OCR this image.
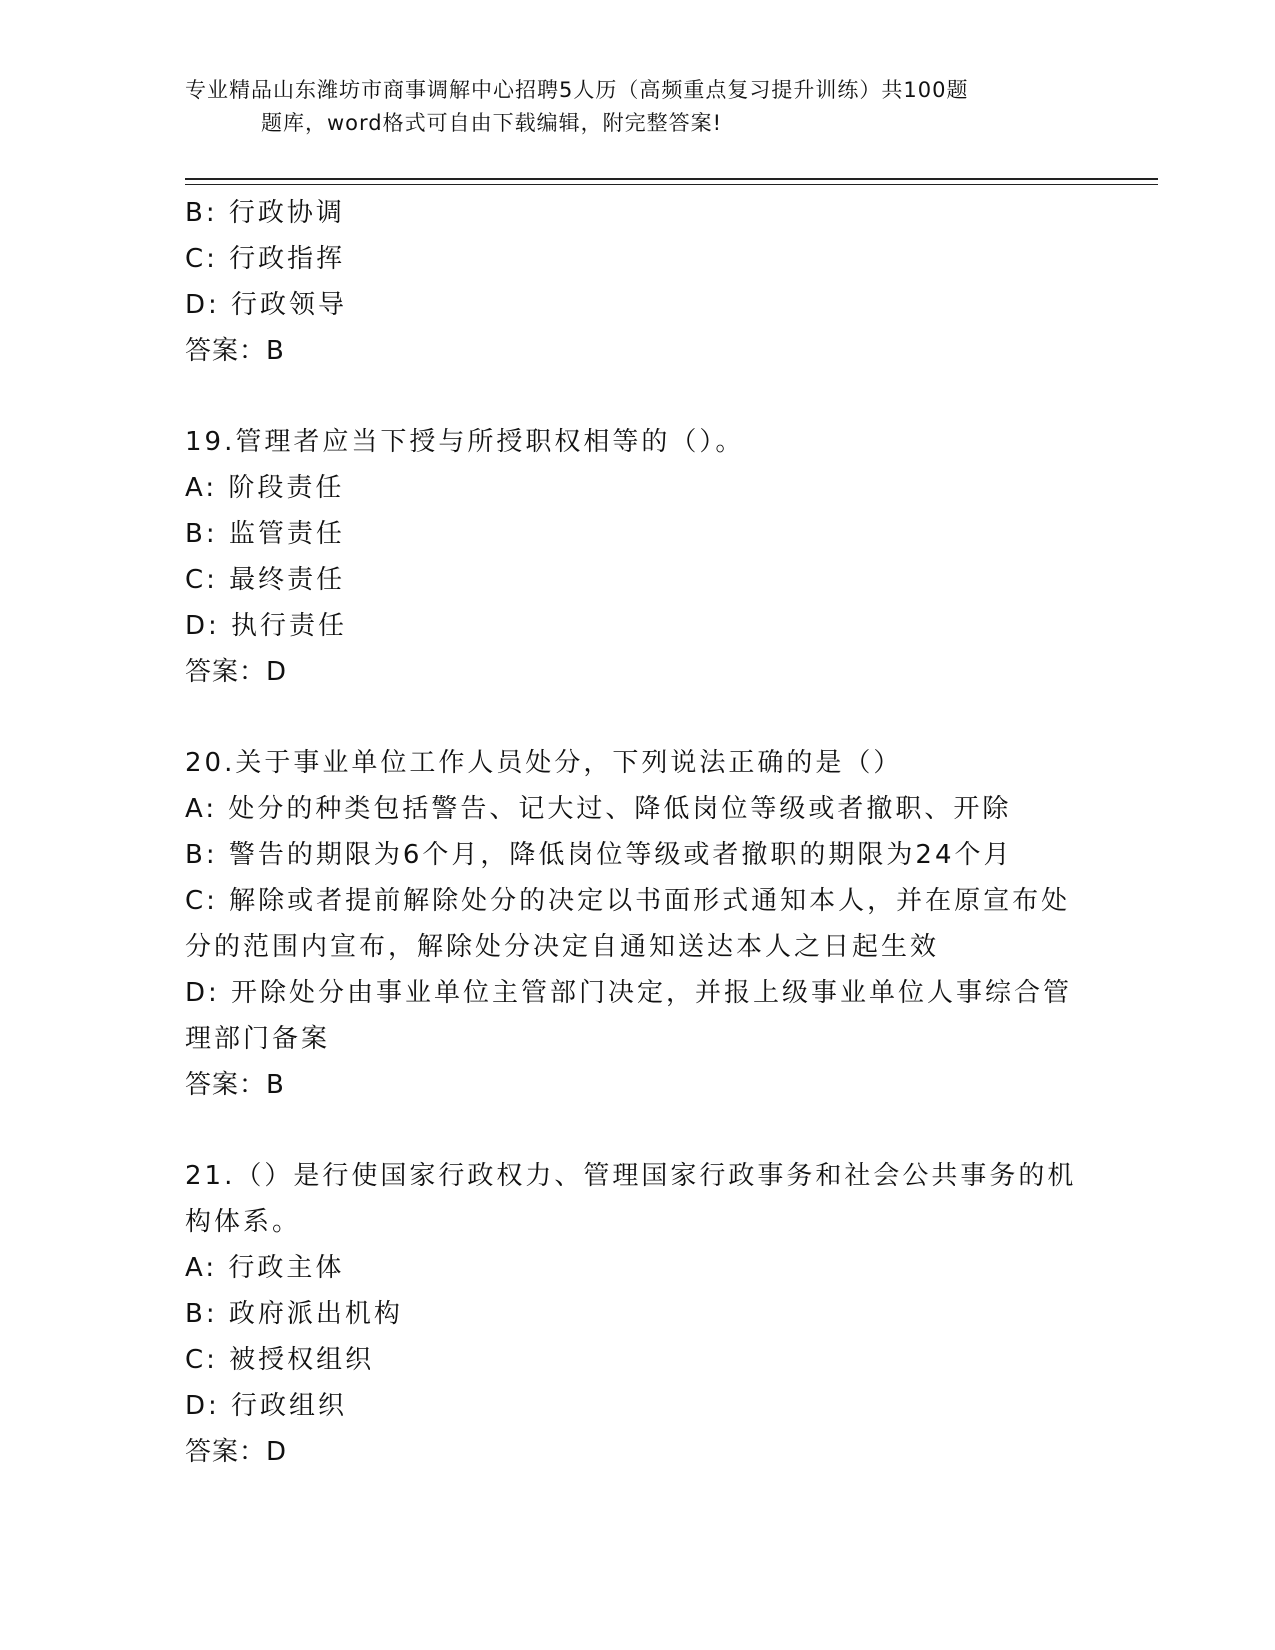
专业精品山东潍坊市商事调解中心招聘5人历（高频重点复习提升训练）共100题
题库，word格式可自由下载编辑，附完整答案!
B: 行政协调
C: 行政指挥
D: 行政领导
答案：B
19.管理者应当下授与所授职权相等的（）。
A: 阶段责任
B: 监管责任
C: 最终责任
D: 执行责任
答案：D
20.关于事业单位工作人员处分，下列说法正确的是（）
A: 处分的种类包括警告、记大过、降低岗位等级或者撤职、开除
B: 警告的期限为6个月，降低岗位等级或者撤职的期限为24个月
C: 解除或者提前解除处分的决定以书面形式通知本人，并在原宣布处
分的范围内宣布，解除处分决定自通知送达本人之日起生效
D: 开除处分由事业单位主管部门决定，并报上级事业单位人事综合管
理部门备案
答案：B
21.（）是行使国家行政权力、管理国家行政事务和社会公共事务的机
构体系。
A: 行政主体
B: 政府派出机构
C: 被授权组织
D: 行政组织
答案：D
